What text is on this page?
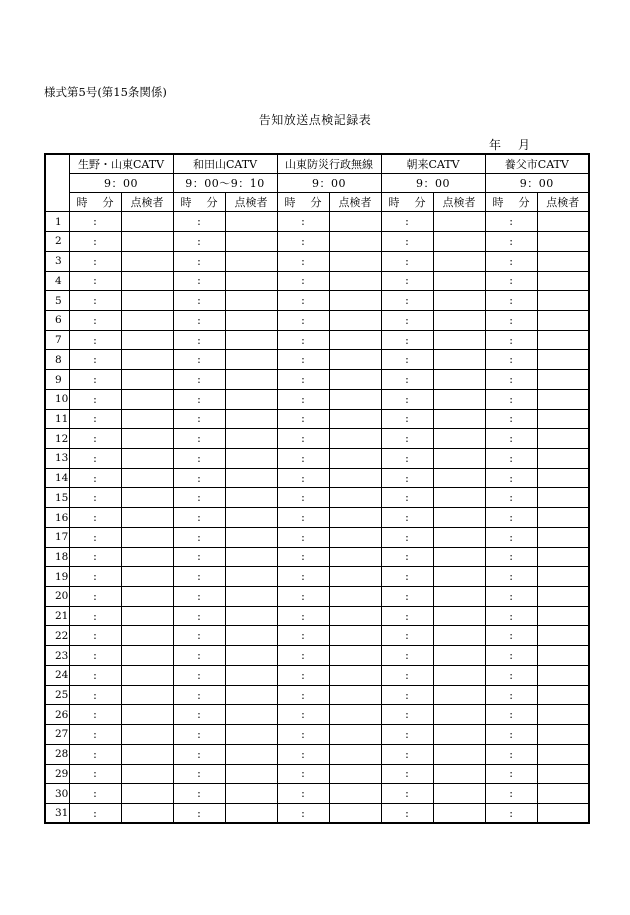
様式第5号(第15条関係)
告知放送点検記録表
年 月
	生野・山東CATV		和田山CATV		山東防災行政無線		朝来CATV		養父市CATV	
	9：00		9：00〜9：10		9：00		9：00		9：00	
	時 分	点検者	時 分	点検者	時 分	点検者	時 分	点検者	時 分	点検者
1	:		:		:		:		:	
2	:		:		:		:		:	
3	:		:		:		:		:	
4	:		:		:		:		:	
5	:		:		:		:		:	
6	:		:		:		:		:	
7	:		:		:		:		:	
8	:		:		:		:		:	
9	:		:		:		:		:	
10	:		:		:		:		:	
11	:		:		:		:		:	
12	:		:		:		:		:	
13	:		:		:		:		:	
14	:		:		:		:		:	
15	:		:		:		:		:	
16	:		:		:		:		:	
17	:		:		:		:		:	
18	:		:		:		:		:	
19	:		:		:		:		:	
20	:		:		:		:		:	
21	:		:		:		:		:	
22	:		:		:		:		:	
23	:		:		:		:		:	
24	:		:		:		:		:	
25	:		:		:		:		:	
26	:		:		:		:		:	
27	:		:		:		:		:	
28	:		:		:		:		:	
29	:		:		:		:		:	
30	:		:		:		:		:	
31	:		:		:		:		:	
